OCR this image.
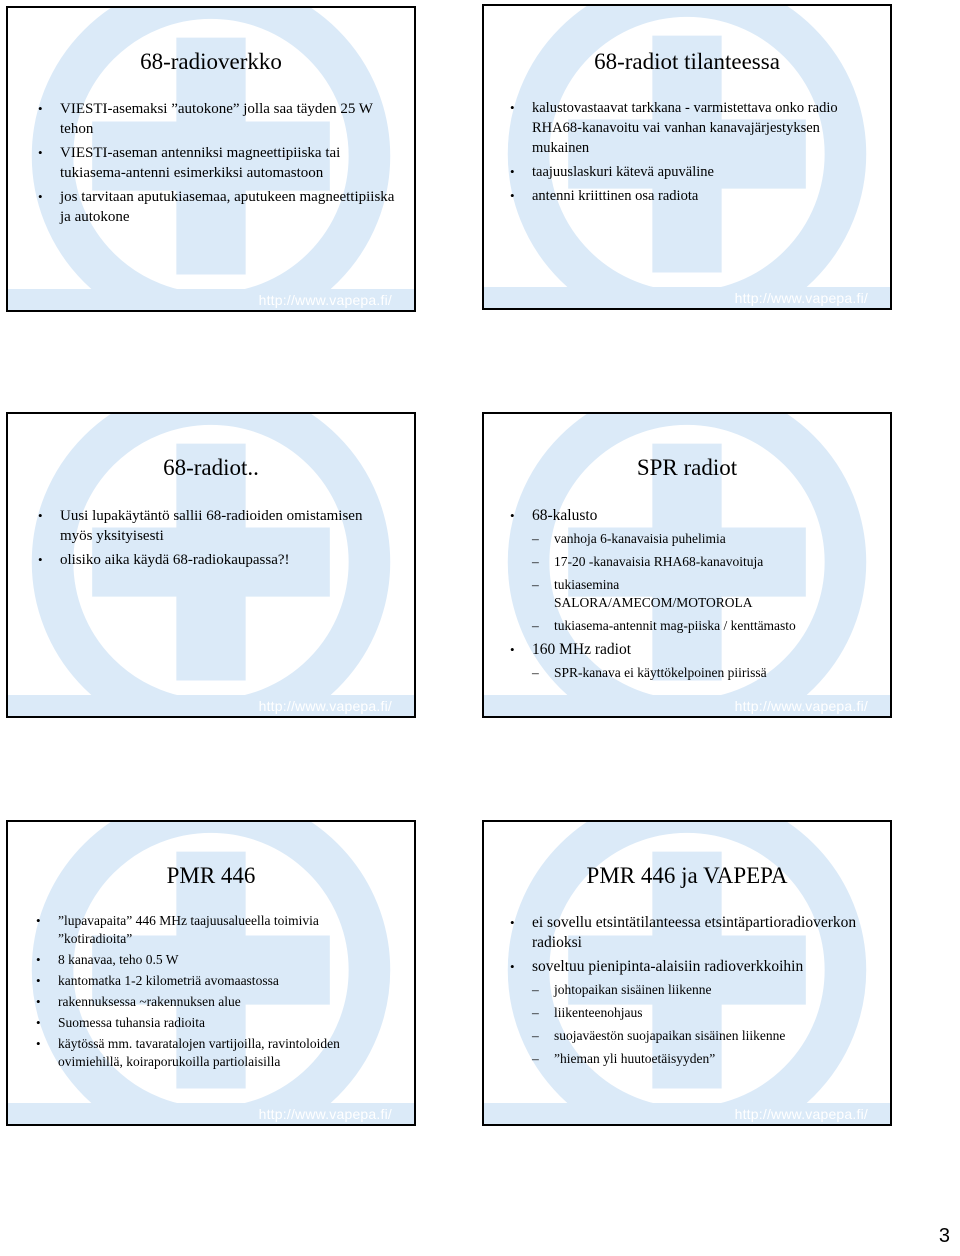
http://www.vapepa.fi/
68-radioverkko
• VIESTI-asemaksi ”autokone” jolla saa täyden 25 W tehon
• VIESTI-aseman antenniksi magneettipiiska tai tukiasema-antenni esimerkiksi automastoon
• jos tarvitaan aputukiasemaa, aputukeen magneettipiiska ja autokone
http://www.vapepa.fi/
68-radiot tilanteessa
• kalustovastaavat tarkkana - varmistettava onko radio RHA68-kanavoitu vai vanhan kanavajärjestyksen mukainen
• taajuuslaskuri kätevä apuväline
• antenni kriittinen osa radiota
http://www.vapepa.fi/
68-radiot..
• Uusi lupakäytäntö sallii 68-radioiden omistamisen myös yksityisesti
• olisiko aika käydä 68-radiokaupassa?!
http://www.vapepa.fi/
SPR radiot
• 68-kalusto
– vanhoja 6-kanavaisia puhelimia
– 17-20 -kanavaisia RHA68-kanavoituja
– tukiasemina SALORA/AMECOM/MOTOROLA
– tukiasema-antennit mag-piiska / kenttämasto
• 160 MHz radiot
– SPR-kanava ei käyttökelpoinen piirissä
http://www.vapepa.fi/
PMR 446
• ”lupavapaita” 446 MHz taajuusalueella toimivia ”kotiradioita”
• 8 kanavaa, teho 0.5 W
• kantomatka 1-2 kilometriä avomaastossa
• rakennuksessa ~rakennuksen alue
• Suomessa tuhansia radioita
• käytössä mm. tavaratalojen vartijoilla, ravintoloiden ovimiehillä, koiraporukoilla partiolaisilla
http://www.vapepa.fi/
PMR 446 ja VAPEPA
• ei sovellu etsintätilanteessa etsintäpartioradioverkon radioksi
• soveltuu pienipinta-alaisiin radioverkkoihin
– johtopaikan sisäinen liikenne
– liikenteenohjaus
– suojaväestön suojapaikan sisäinen liikenne
– ”hieman yli huutoetäisyyden”
3
